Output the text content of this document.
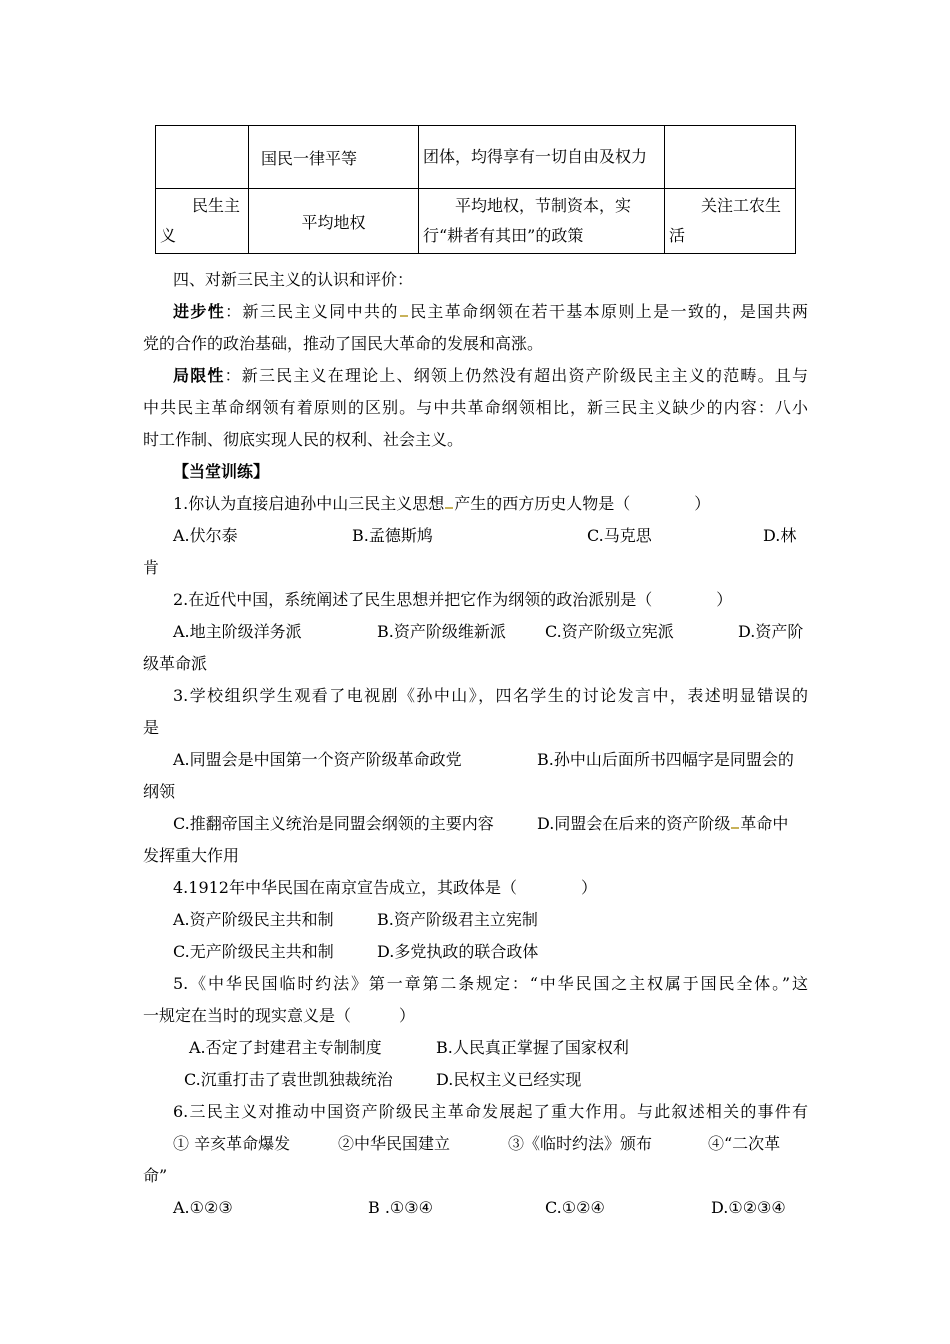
	国民一律平等	团体，均得享有一切自由及权力	
民生主义	平均地权	平均地权，节制资本，实行“耕者有其田”的政策	关注工农生活
四、对新三民主义的认识和评价：
进步性：新三民主义同中共的 民主革命纲领在若干基本原则上是一致的，是国共两
党的合作的政治基础，推动了国民大革命的发展和高涨。
局限性：新三民主义在理论上、纲领上仍然没有超出资产阶级民主主义的范畴。且与
中共民主革命纲领有着原则的区别。与中共革命纲领相比，新三民主义缺少的内容：八小
时工作制、彻底实现人民的权利、社会主义。
【当堂训练】
1.你认为直接启迪孙中山三民主义思想 产生的西方历史人物是（　　　　）
A.伏尔泰	B.孟德斯鸠	C.马克思	D.林
肯
2.在近代中国，系统阐述了民生思想并把它作为纲领的政治派别是（　　　　）
A.地主阶级洋务派	B.资产阶级维新派 C.资产阶级立宪派	D.资产阶
级革命派
3.学校组织学生观看了电视剧《孙中山》，四名学生的讨论发言中，表述明显错误的
是
A.同盟会是中国第一个资产阶级革命政党	B.孙中山后面所书四幅字是同盟会的
纲领
C.推翻帝国主义统治是同盟会纲领的主要内容	D.同盟会在后来的资产阶级 革命中
发挥重大作用
4.1912年中华民国在南京宣告成立，其政体是（　　　　）
A.资产阶级民主共和制	B.资产阶级君主立宪制
C.无产阶级民主共和制	D.多党执政的联合政体
5.《中华民国临时约法》第一章第二条规定：“中华民国之主权属于国民全体。”这
一规定在当时的现实意义是（　　　）
A.否定了封建君主专制制度	B.人民真正掌握了国家权利
C.沉重打击了袁世凯独裁统治	D.民权主义已经实现
6.三民主义对推动中国资产阶级民主革命发展起了重大作用。与此叙述相关的事件有
① 辛亥革命爆发	②中华民国建立	③《临时约法》颁布	④“二次革
命”
A.①②③	B .①③④	C.①②④	D.①②③④
